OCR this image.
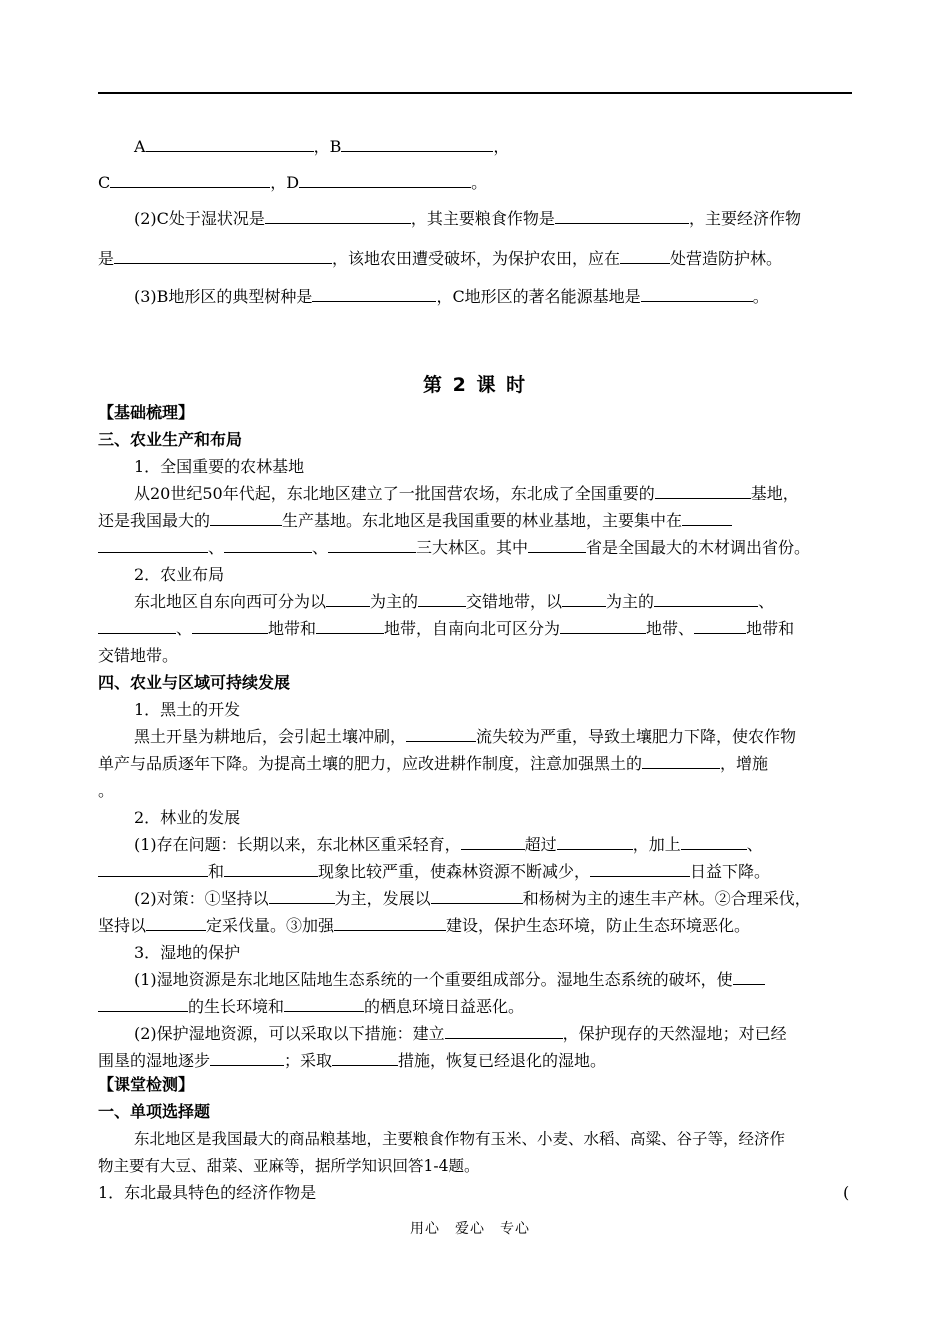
A	，B	，
C	，D	。
(2)C处于湿状况是	，其主要粮食作物是	，主要经济作物
是	，该地农田遭受破坏，为保护农田，应在	处营造防护林。
(3)B地形区的典型树种是	，C地形区的著名能源基地是	。
第 2 课 时
【基础梳理】
三、农业生产和布局
1．全国重要的农林基地
从20世纪50年代起，东北地区建立了一批国营农场，东北成了全国重要的	基地，
还是我国最大的	生产基地。东北地区是我国重要的林业基地，主要集中在
、	、	三大林区。其中	省是全国最大的木材调出省份。
2．农业布局
东北地区自东向西可分为以	为主的	交错地带，以	为主的	、
、	地带和	地带，自南向北可区分为	地带、	地带和
交错地带。
四、农业与区域可持续发展
1．黑土的开发
黑土开垦为耕地后，会引起土壤冲刷，	流失较为严重，导致土壤肥力下降，使农作物
单产与品质逐年下降。为提高土壤的肥力，应改进耕作制度，注意加强黑土的	，增施
。
2．林业的发展
(1)存在问题：长期以来，东北林区重采轻育，	超过	，加上	、
和	现象比较严重，使森林资源不断减少，	日益下降。
(2)对策：①坚持以	为主，发展以	和杨树为主的速生丰产林。②合理采伐，
坚持以	定采伐量。③加强	建设，保护生态环境，防止生态环境恶化。
3．湿地的保护
(1)湿地资源是东北地区陆地生态系统的一个重要组成部分。湿地生态系统的破坏，使
的生长环境和	的栖息环境日益恶化。
(2)保护湿地资源，可以采取以下措施：建立	，保护现存的天然湿地；对已经
围垦的湿地逐步	；采取	措施，恢复已经退化的湿地。
【课堂检测】
一、单项选择题
东北地区是我国最大的商品粮基地，主要粮食作物有玉米、小麦、水稻、高粱、谷子等，经济作
物主要有大豆、甜菜、亚麻等，据所学知识回答1-4题。
1．东北最具特色的经济作物是	(
用心　爱心　专心
